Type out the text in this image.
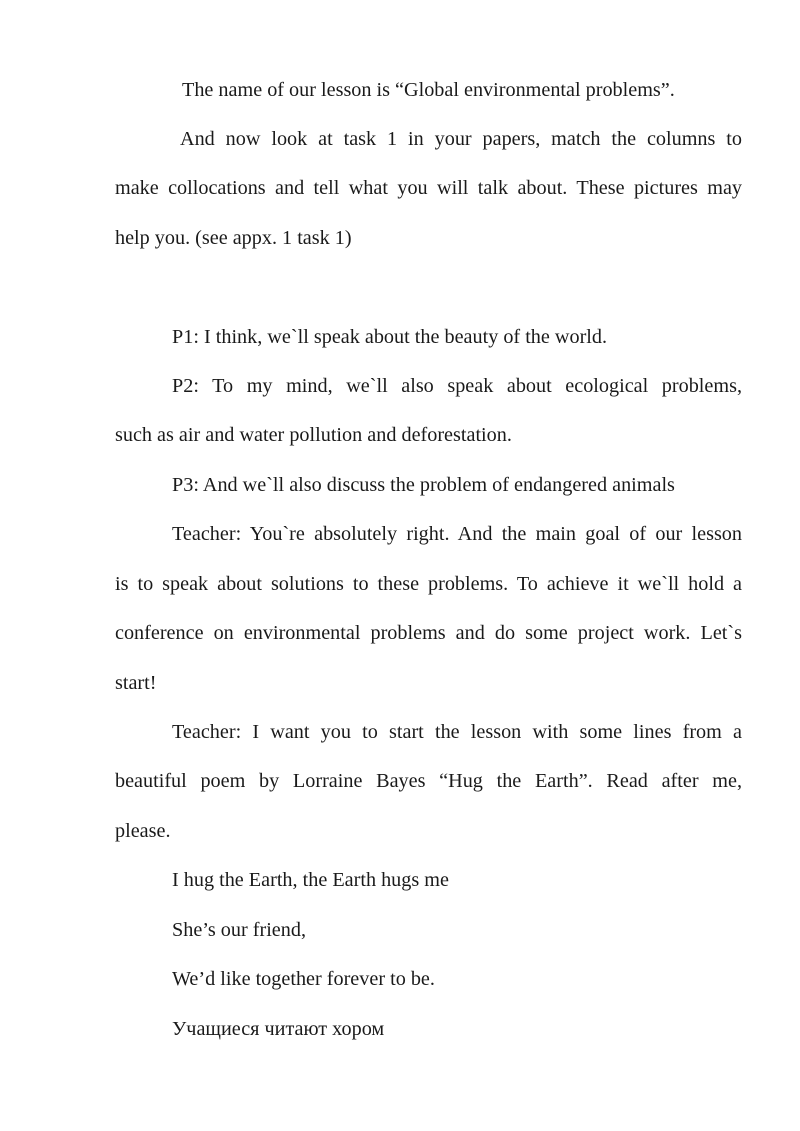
The name of our lesson is “Global environmental problems”.
And now look at task 1 in your papers, match the columns to
make collocations and tell what you will talk about. These pictures may
help you. (see appx. 1 task 1)
P1: I think, we`ll speak about the beauty of the world.
P2: To my mind, we`ll also speak about ecological problems,
such as air and water pollution and deforestation.
P3: And we`ll also discuss the problem of endangered animals
Teacher: You`re absolutely right. And the main goal of our lesson
is to speak about solutions to these problems. To achieve it we`ll hold a
conference on environmental problems and do some project work. Let`s
start!
Teacher: I want you to start the lesson with some lines from a
beautiful poem by Lorraine Bayes “Hug the Earth”. Read after me,
please.
I hug the Earth, the Earth hugs me
She’s our friend,
We’d like together forever to be.
Учащиеся читают хором
